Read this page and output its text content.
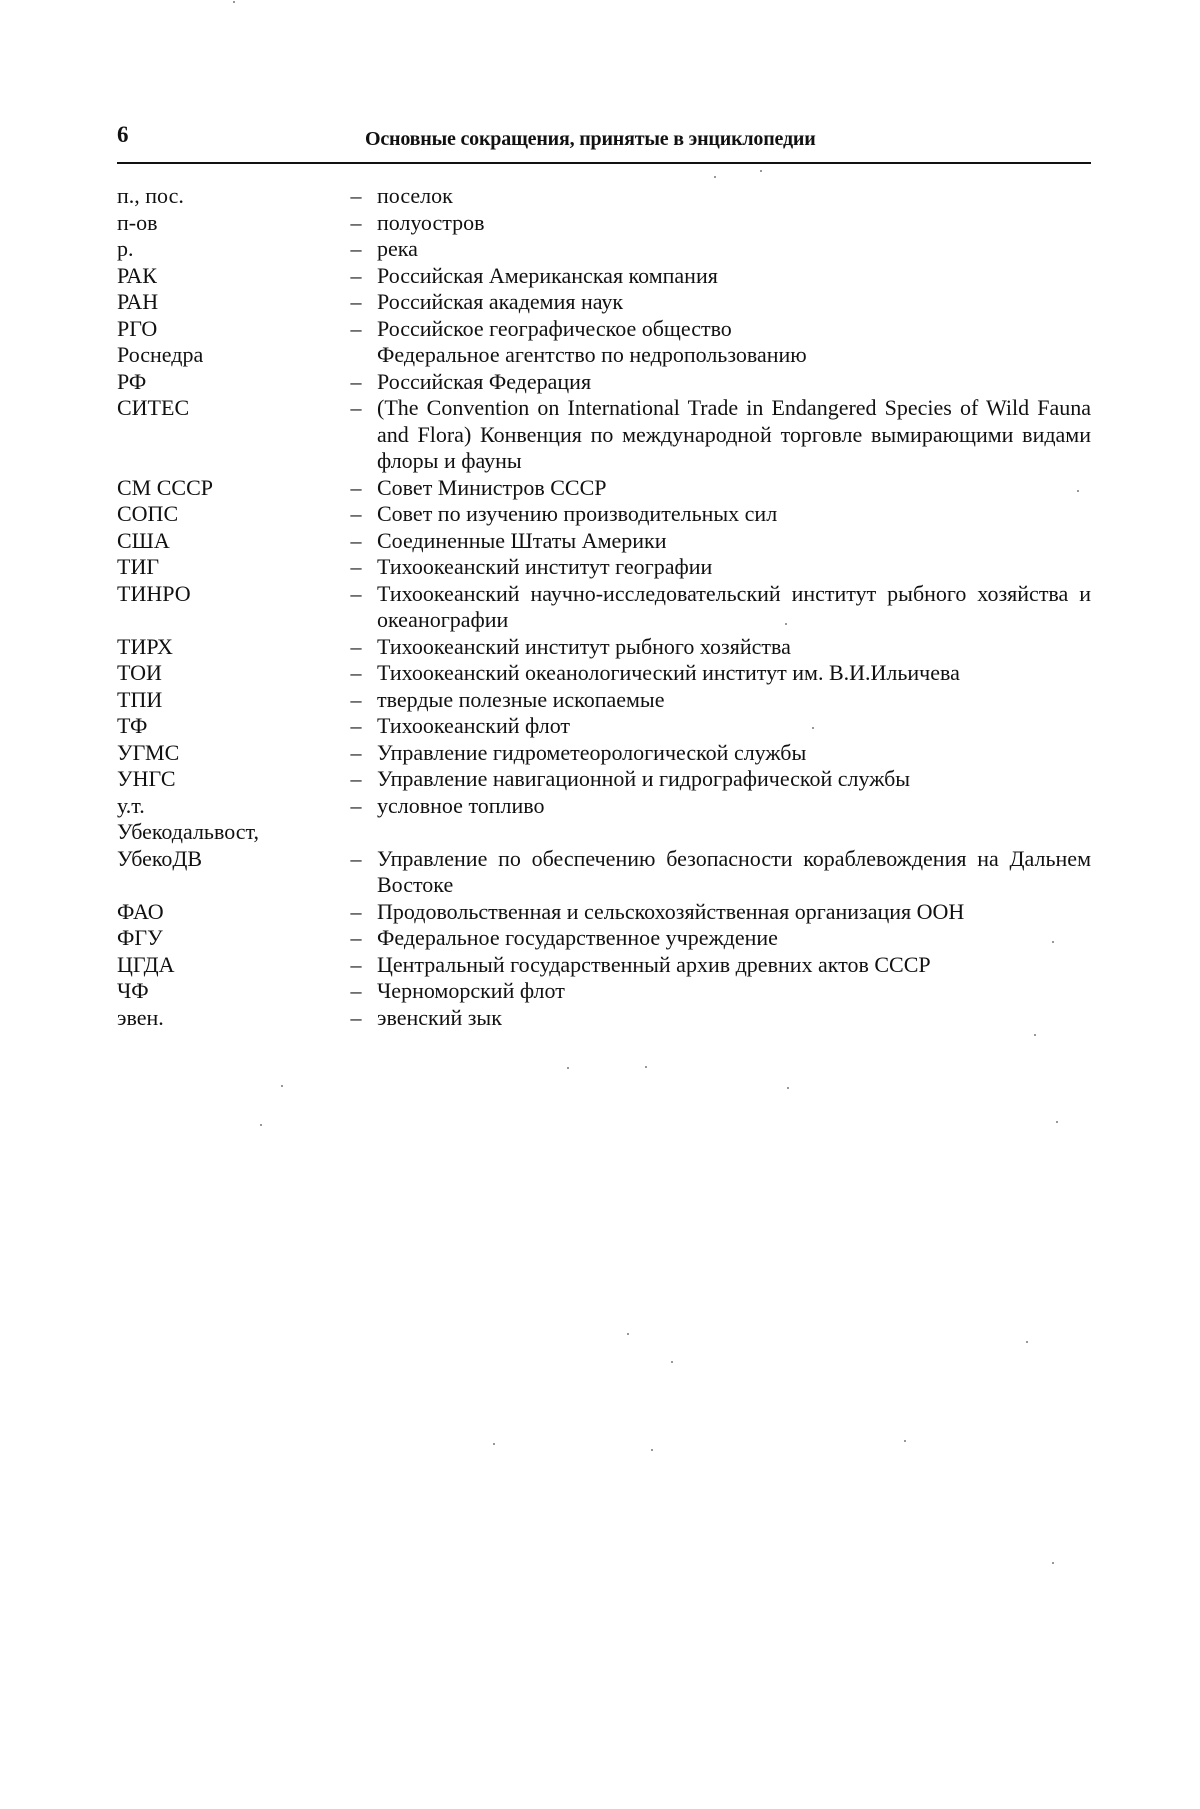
6	Основные сокращения, принятые в энциклопедии
п., пос.	– поселок
п-ов	– полуостров
р.	– река
РАК	– Российская Американская компания
РАН	– Российская академия наук
РГО	– Российское географическое общество
Роснедра	Федеральное агентство по недропользованию
РФ	– Российская Федерация
СИТЕС	– (The Convention on International Trade in Endangered Species of Wild Fauna and Flora) Конвенция по международной торговле вымирающими видами флоры и фауны
СМ СССР	– Совет Министров СССР
СОПС	– Совет по изучению производительных сил
США	– Соединенные Штаты Америки
ТИГ	– Тихоокеанский институт географии
ТИНРО	– Тихоокеанский научно-исследовательский институт рыбного хозяйства и океанографии
ТИРХ	– Тихоокеанский институт рыбного хозяйства
ТОИ	– Тихоокеанский океанологический институт им. В.И.Ильичева
ТПИ	– твердые полезные ископаемые
ТФ	– Тихоокеанский флот
УГМС	– Управление гидрометеорологической службы
УНГС	– Управление навигационной и гидрографической службы
у.т.	– условное топливо
Убекодальвост,
УбекоДВ	– Управление по обеспечению безопасности кораблевождения на Дальнем Востоке
ФАО	– Продовольственная и сельскохозяйственная организация ООН
ФГУ	– Федеральное государственное учреждение
ЦГДА	– Центральный государственный архив древних актов СССР
ЧФ	– Черноморский флот
эвен.	– эвенский зык
